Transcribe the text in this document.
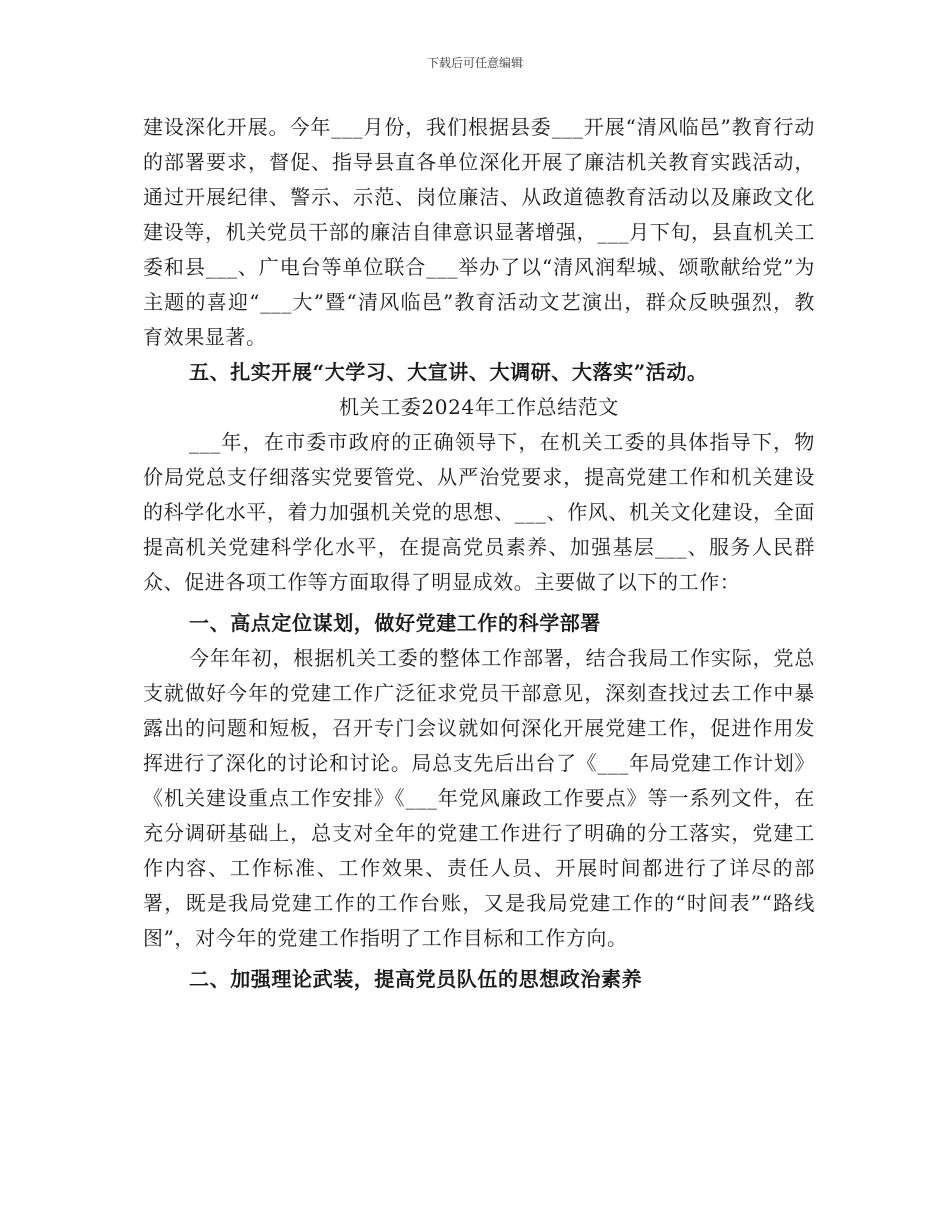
下载后可任意编辑

建设深化开展。今年___月份，我们根据县委___开展“清风临邑”教育行动的部署要求，督促、指导县直各单位深化开展了廉洁机关教育实践活动，通过开展纪律、警示、示范、岗位廉洁、从政道德教育活动以及廉政文化建设等，机关党员干部的廉洁自律意识显著增强，___月下旬，县直机关工委和县___、广电台等单位联合___举办了以“清风润犁城、颂歌献给党”为主题的喜迎“___大”暨“清风临邑”教育活动文艺演出，群众反映强烈，教育效果显著。

五、扎实开展“大学习、大宣讲、大调研、大落实”活动。

机关工委2024年工作总结范文

___年，在市委市政府的正确领导下，在机关工委的具体指导下，物价局党总支仔细落实党要管党、从严治党要求，提高党建工作和机关建设的科学化水平，着力加强机关党的思想、___、作风、机关文化建设，全面提高机关党建科学化水平，在提高党员素养、加强基层___、服务人民群众、促进各项工作等方面取得了明显成效。主要做了以下的工作：

一、高点定位谋划，做好党建工作的科学部署

今年年初，根据机关工委的整体工作部署，结合我局工作实际，党总支就做好今年的党建工作广泛征求党员干部意见，深刻查找过去工作中暴露出的问题和短板，召开专门会议就如何深化开展党建工作，促进作用发挥进行了深化的讨论和讨论。局总支先后出台了《___年局党建工作计划》《机关建设重点工作安排》《___年党风廉政工作要点》等一系列文件，在充分调研基础上，总支对全年的党建工作进行了明确的分工落实，党建工作内容、工作标准、工作效果、责任人员、开展时间都进行了详尽的部署，既是我局党建工作的工作台账，又是我局党建工作的“时间表”“路线图”，对今年的党建工作指明了工作目标和工作方向。

二、加强理论武装，提高党员队伍的思想政治素养
